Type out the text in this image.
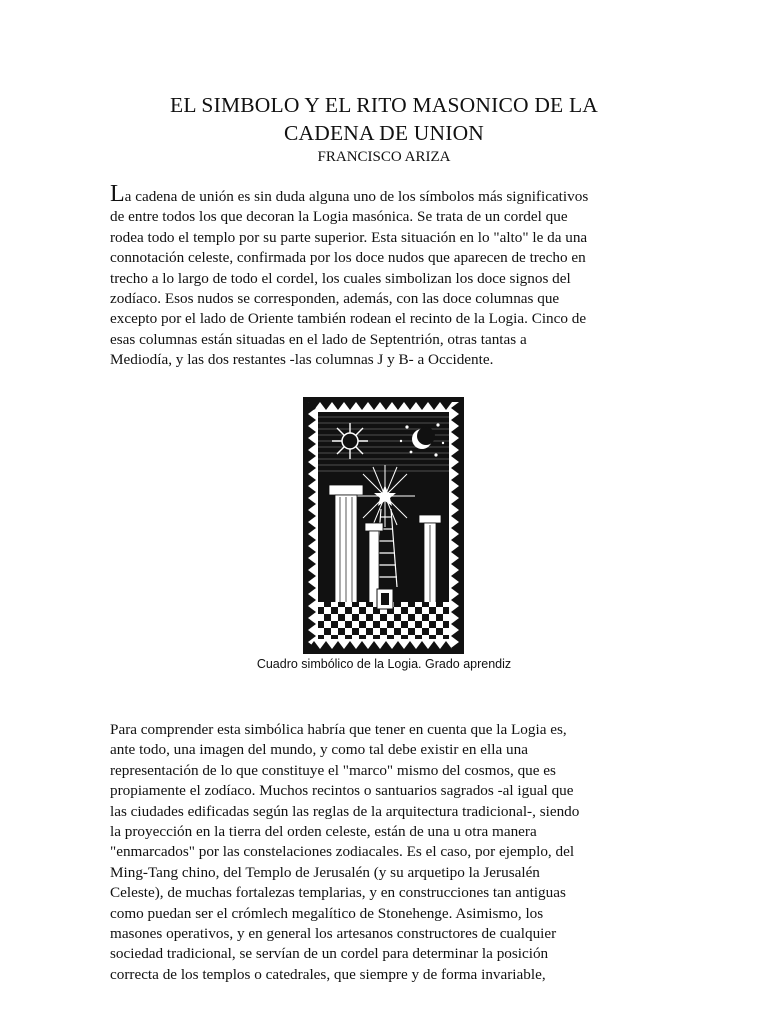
EL SIMBOLO Y EL RITO MASONICO DE LA
CADENA DE UNION
FRANCISCO ARIZA
La cadena de unión es sin duda alguna uno de los símbolos más significativos
de entre todos los que decoran la Logia masónica. Se trata de un cordel que
rodea todo el templo por su parte superior. Esta situación en lo "alto" le da una
connotación celeste, confirmada por los doce nudos que aparecen de trecho en
trecho a lo largo de todo el cordel, los cuales simbolizan los doce signos del
zodíaco. Esos nudos se corresponden, además, con las doce columnas que
excepto por el lado de Oriente también rodean el recinto de la Logia. Cinco de
esas columnas están situadas en el lado de Septentrión, otras tantas a
Mediodía, y las dos restantes -las columnas J y B- a Occidente.
Cuadro simbólico de la Logia. Grado aprendiz
Para comprender esta simbólica habría que tener en cuenta que la Logia es,
ante todo, una imagen del mundo, y como tal debe existir en ella una
representación de lo que constituye el "marco" mismo del cosmos, que es
propiamente el zodíaco. Muchos recintos o santuarios sagrados -al igual que
las ciudades edificadas según las reglas de la arquitectura tradicional-, siendo
la proyección en la tierra del orden celeste, están de una u otra manera
"enmarcados" por las constelaciones zodiacales. Es el caso, por ejemplo, del
Ming-Tang chino, del Templo de Jerusalén (y su arquetipo la Jerusalén
Celeste), de muchas fortalezas templarias, y en construcciones tan antiguas
como puedan ser el crómlech megalítico de Stonehenge. Asimismo, los
masones operativos, y en general los artesanos constructores de cualquier
sociedad tradicional, se servían de un cordel para determinar la posición
correcta de los templos o catedrales, que siempre y de forma invariable,
